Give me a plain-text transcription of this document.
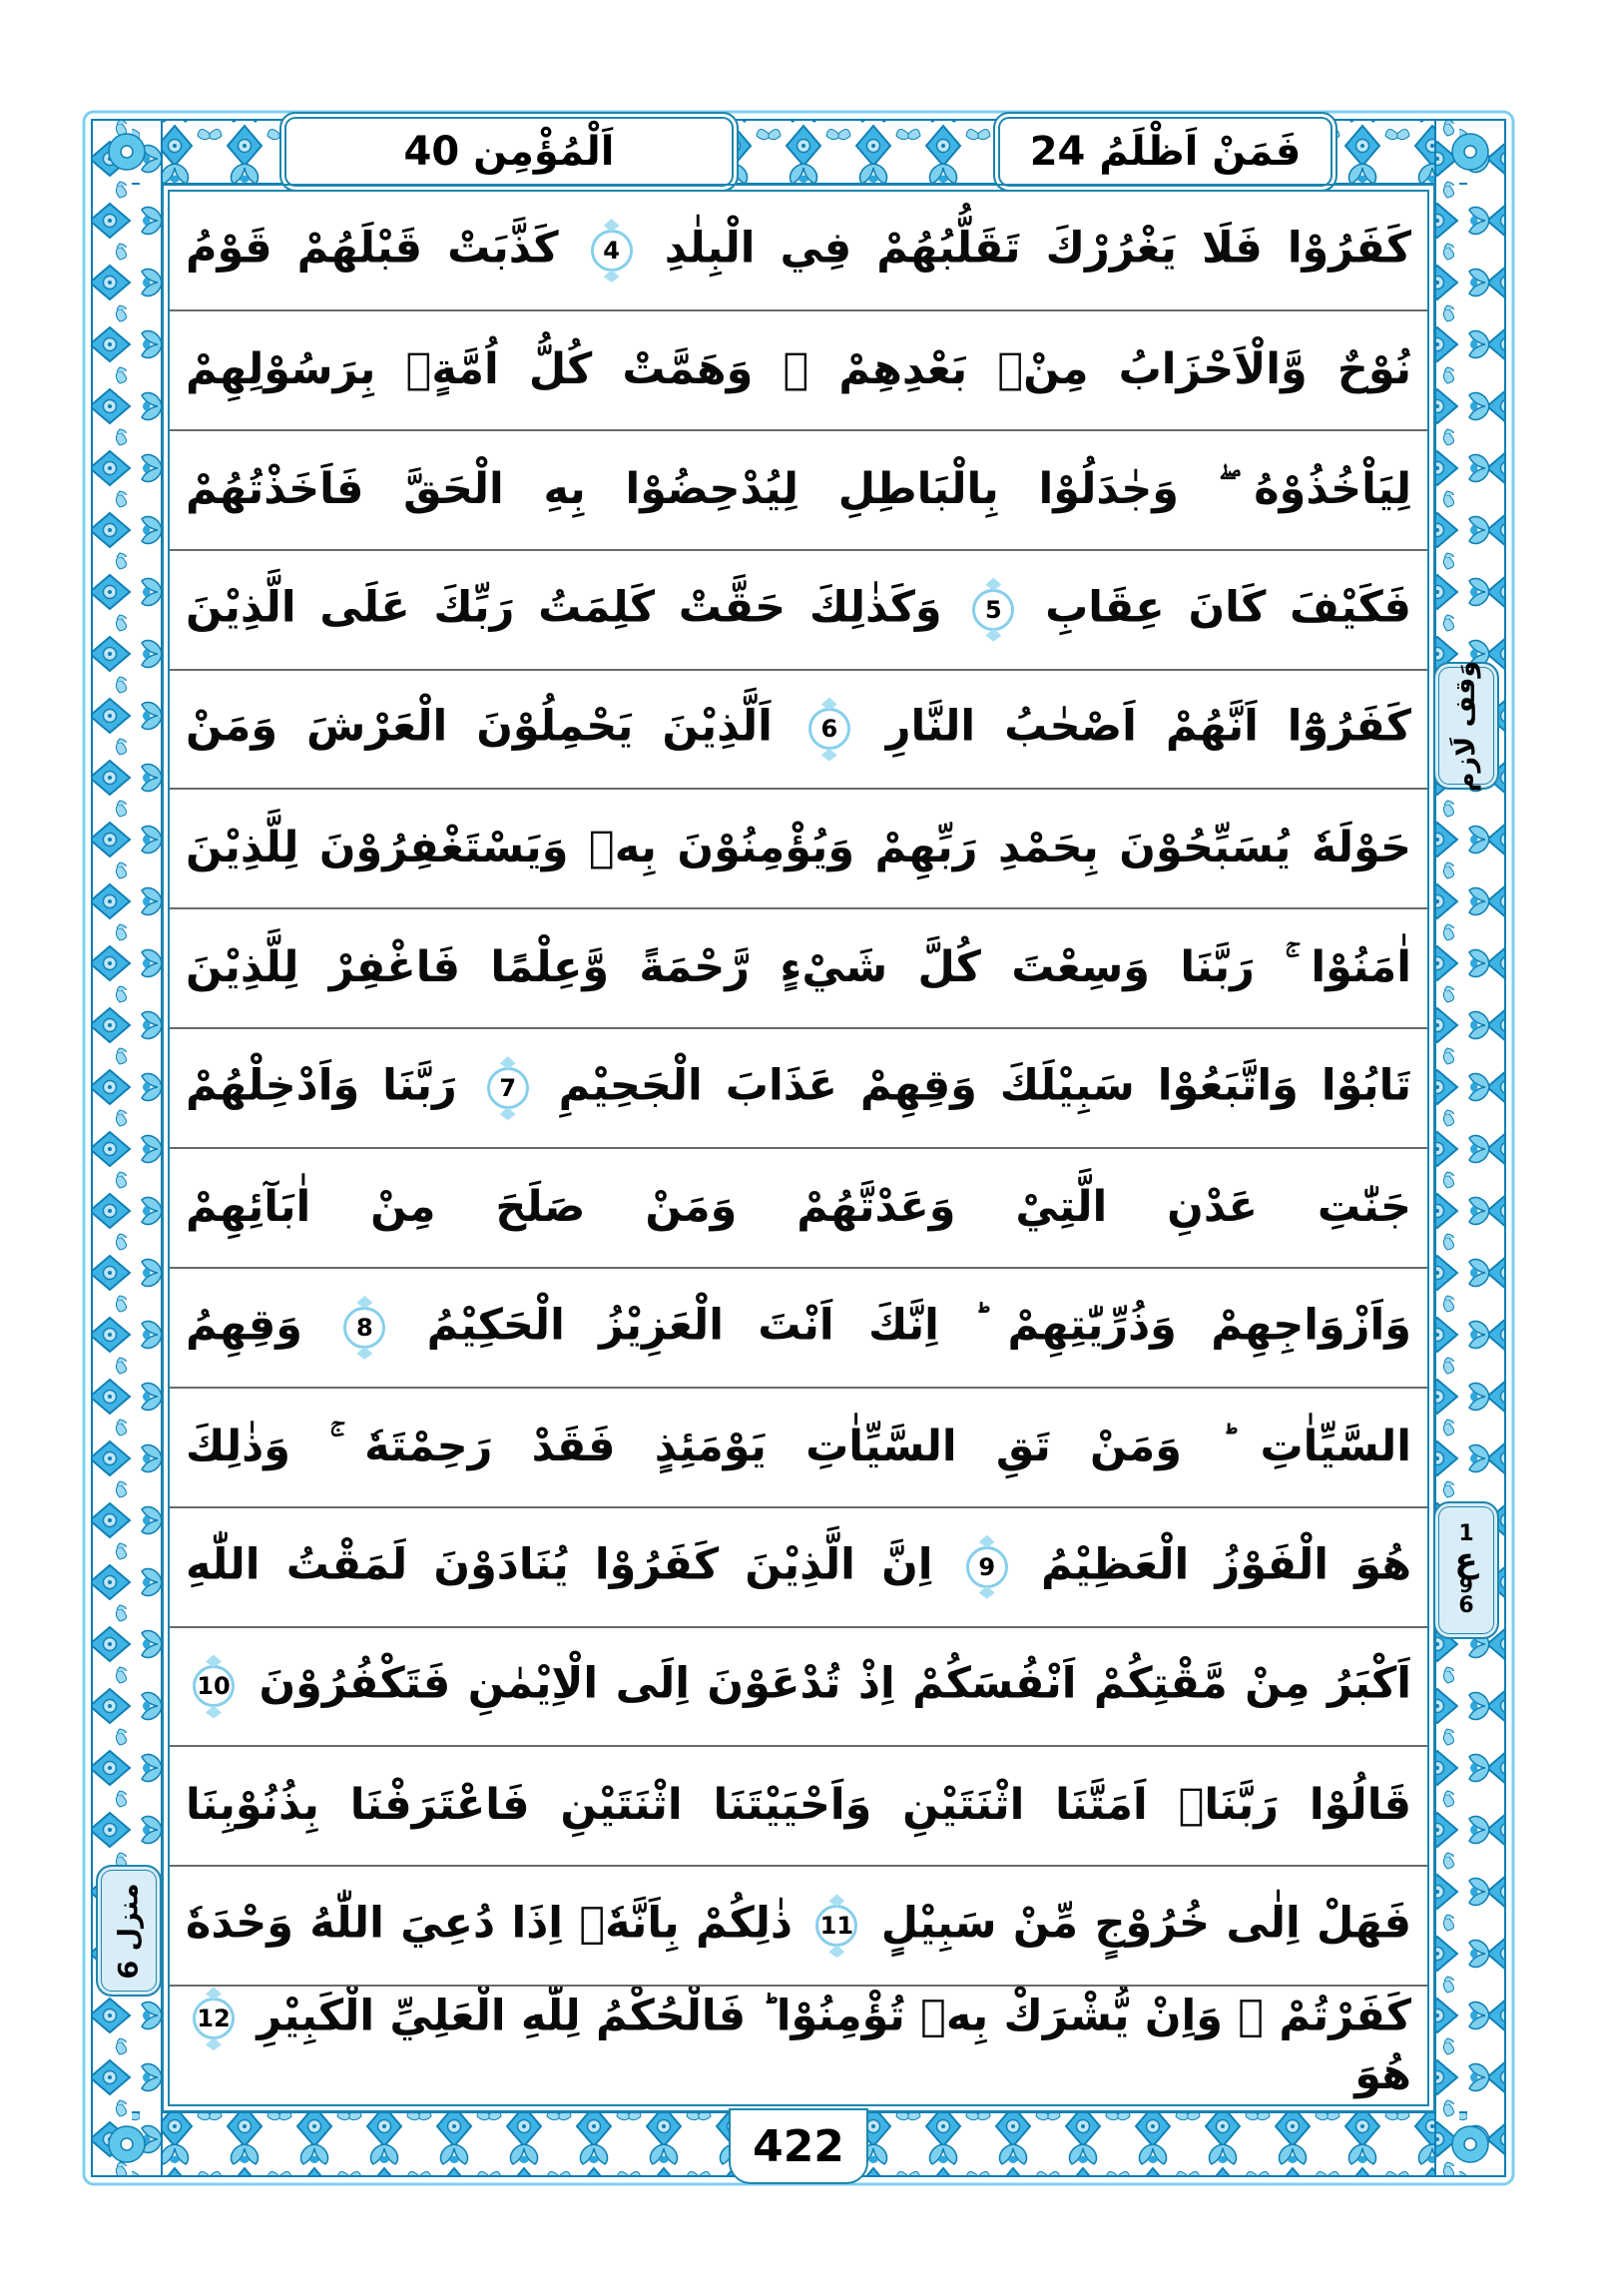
اَلْمُؤْمِن 40	فَمَنْ اَظْلَمُ 24
كَفَرُوْا فَلَا يَغْرُرْكَ تَقَلُّبُهُمْ فِي الْبِلٰدِ
4
كَذَّبَتْ قَبْلَهُمْ قَوْمُ
نُوْحٌ وَّالْاَحْزَابُ مِنْۢ بَعْدِهِمْ ۖ وَهَمَّتْ كُلُّ اُمَّةٍۭ بِرَسُوْلِهِمْ
لِيَاْخُذُوْهُ ۖ وَجٰدَلُوْا بِالْبَاطِلِ لِيُدْحِضُوْا بِهِ الْحَقَّ فَاَخَذْتُهُمْ
فَكَيْفَ كَانَ عِقَابِ
5
وَكَذٰلِكَ حَقَّتْ كَلِمَتُ رَبِّكَ عَلَى الَّذِيْنَ
كَفَرُوْٓا اَنَّهُمْ اَصْحٰبُ النَّارِ
6
اَلَّذِيْنَ يَحْمِلُوْنَ الْعَرْشَ وَمَنْ
حَوْلَهٗ يُسَبِّحُوْنَ بِحَمْدِ رَبِّهِمْ وَيُؤْمِنُوْنَ بِهٖ وَيَسْتَغْفِرُوْنَ لِلَّذِيْنَ
اٰمَنُوْا ۚ رَبَّنَا وَسِعْتَ كُلَّ شَيْءٍ رَّحْمَةً وَّعِلْمًا فَاغْفِرْ لِلَّذِيْنَ
تَابُوْا وَاتَّبَعُوْا سَبِيْلَكَ وَقِهِمْ عَذَابَ الْجَحِيْمِ
7
رَبَّنَا وَاَدْخِلْهُمْ
جَنّٰتِ عَدْنِ الَّتِيْ وَعَدْتَّهُمْ وَمَنْ صَلَحَ مِنْ اٰبَآئِهِمْ
وَاَزْوَاجِهِمْ وَذُرِّيّٰتِهِمْ ؕ اِنَّكَ اَنْتَ الْعَزِيْزُ الْحَكِيْمُ
8
وَقِهِمُ
السَّيِّاٰتِ ؕ وَمَنْ تَقِ السَّيِّاٰتِ يَوْمَئِذٍ فَقَدْ رَحِمْتَهٗ ۚ وَذٰلِكَ
هُوَ الْفَوْزُ الْعَظِيْمُ
9
اِنَّ الَّذِيْنَ كَفَرُوْا يُنَادَوْنَ لَمَقْتُ اللّٰهِ
اَكْبَرُ مِنْ مَّقْتِكُمْ اَنْفُسَكُمْ اِذْ تُدْعَوْنَ اِلَى الْاِيْمٰنِ فَتَكْفُرُوْنَ
10
قَالُوْا رَبَّنَاۤ اَمَتَّنَا اثْنَتَيْنِ وَاَحْيَيْتَنَا اثْنَتَيْنِ فَاعْتَرَفْنَا بِذُنُوْبِنَا
فَهَلْ اِلٰى خُرُوْجٍ مِّنْ سَبِيْلٍ
11
ذٰلِكُمْ بِاَنَّهٗۤ اِذَا دُعِيَ اللّٰهُ وَحْدَهٗ
كَفَرْتُمْ ۚ وَاِنْ يُّشْرَكْ بِهٖ تُؤْمِنُوْا ؕ فَالْحُكْمُ لِلّٰهِ الْعَلِيِّ الْكَبِيْرِ
12
هُوَ
وَقف لَازم
1
ع
9
6
منزل 6
422
